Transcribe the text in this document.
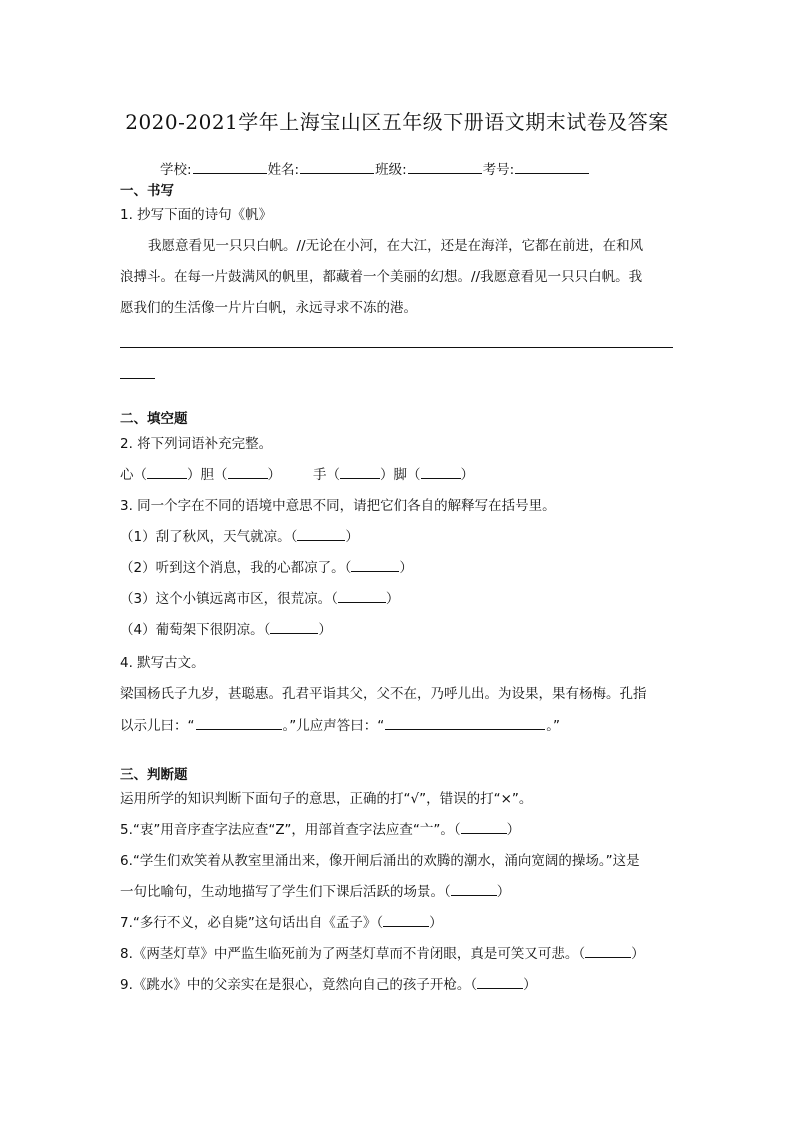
2020-2021学年上海宝山区五年级下册语文期末试卷及答案
学校:	姓名:	班级:	考号:
一、书写
1. 抄写下面的诗句《帆》
我愿意看见一只只白帆。//无论在小河，在大江，还是在海洋，它都在前进，在和风
浪搏斗。在每一片鼓满风的帆里，都藏着一个美丽的幻想。//我愿意看见一只只白帆。我
愿我们的生活像一片片白帆，永远寻求不冻的港。
二、填空题
2. 将下列词语补充完整。
心（	）胆（	） 手（	）脚（	）
3. 同一个字在不同的语境中意思不同，请把它们各自的解释写在括号里。
（1）刮了秋风，天气就凉。（	）
（2）听到这个消息，我的心都凉了。（	）
（3）这个小镇远离市区，很荒凉。（	）
（4）葡萄架下很阴凉。（	）
4. 默写古文。
梁国杨氏子九岁，甚聪惠。孔君平诣其父，父不在，乃呼儿出。为设果，果有杨梅。孔指
以示儿曰：“	。”儿应声答曰：“	。”
三、判断题
运用所学的知识判断下面句子的意思，正确的打“√”，错误的打“×”。
5.“衷”用音序查字法应查“Z”，用部首查字法应查“亠”。（	）
6.“学生们欢笑着从教室里涌出来，像开闸后涌出的欢腾的潮水，涌向宽阔的操场。”这是
一句比喻句，生动地描写了学生们下课后活跃的场景。（	）
7.“多行不义，必自毙”这句话出自《孟子》（	）
8.《两茎灯草》中严监生临死前为了两茎灯草而不肯闭眼，真是可笑又可悲。（	）
9.《跳水》中的父亲实在是狠心，竟然向自己的孩子开枪。（	）
